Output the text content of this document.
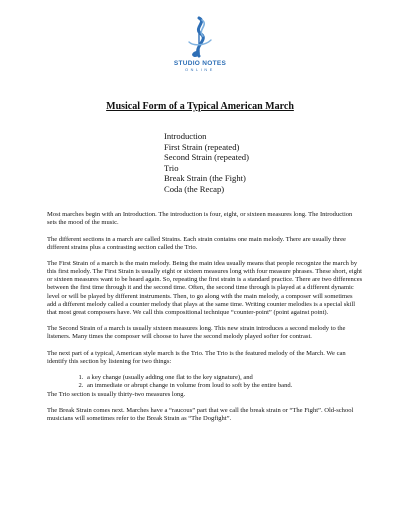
STUDIO NOTES
ONLINE
Musical Form of a Typical American March
Introduction
First Strain (repeated)
Second Strain (repeated)
Trio
Break Strain (the Fight)
Coda (the Recap)

Most marches begin with an Introduction. The introduction is four, eight, or sixteen measures long. The Introduction sets the mood of the music.

The different sections in a march are called Strains. Each strain contains one main melody. There are usually three different strains plus a contrasting section called the Trio.

The First Strain of a march is the main melody. Being the main idea usually means that people recognize the march by this first melody. The First Strain is usually eight or sixteen measures long with four measure phrases. These short, eight or sixteen measures want to be heard again. So, repeating the first strain is a standard practice. There are two differences between the first time through it and the second time. Often, the second time through is played at a different dynamic level or will be played by different instruments. Then, to go along with the main melody, a composer will sometimes add a different melody called a counter melody that plays at the same time. Writing counter melodies is a special skill that most great composers have. We call this compositional technique “counter-point” (point against point).

The Second Strain of a march is usually sixteen measures long. This new strain introduces a second melody to the listeners. Many times the composer will choose to have the second melody played softer for contrast.

The next part of a typical, American style march is the Trio. The Trio is the featured melody of the March. We can identify this section by listening for two things:

1. a key change (usually adding one flat to the key signature), and
2. an immediate or abrupt change in volume from loud to soft by the entire band.
The Trio section is usually thirty-two measures long.

The Break Strain comes next. Marches have a “raucous” part that we call the break strain or “The Fight”. Old-school musicians will sometimes refer to the Break Strain as “The Dogfight”.
